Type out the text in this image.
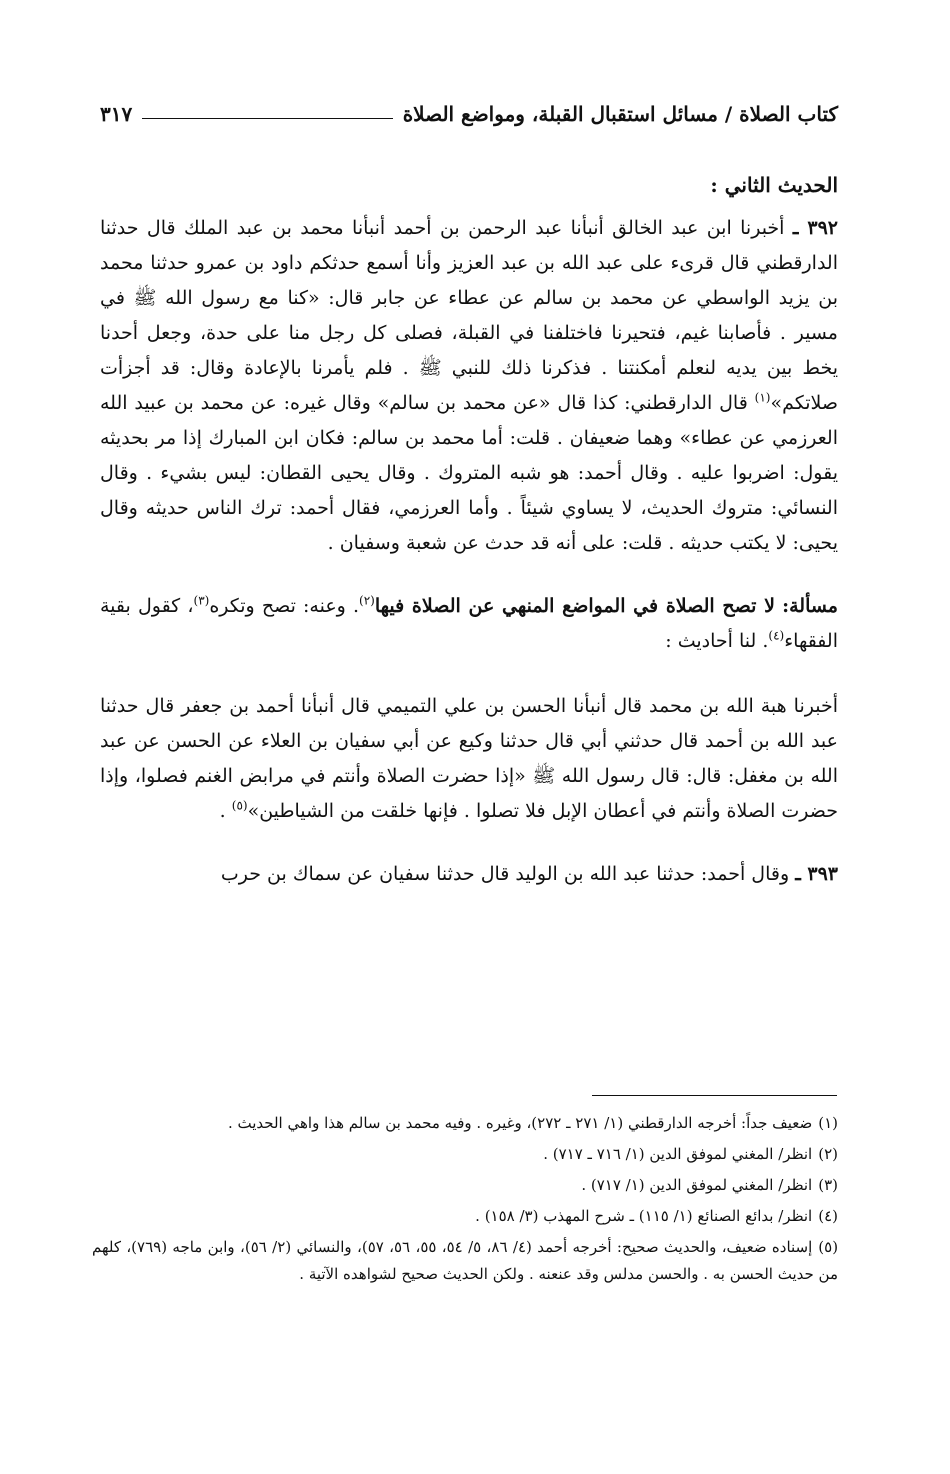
كتاب الصلاة / مسائل استقبال القبلة، ومواضع الصلاة
٣١٧

الحديث الثاني :

٣٩٢ ـ أخبرنا ابن عبد الخالق أنبأنا عبد الرحمن بن أحمد أنبأنا محمد بن عبد الملك قال حدثنا الدارقطني قال قرىء على عبد الله بن عبد العزيز وأنا أسمع حدثكم داود بن عمرو حدثنا محمد بن يزيد الواسطي عن محمد بن سالم عن عطاء عن جابر قال: «كنا مع رسول الله ﷺ في مسير . فأصابنا غيم، فتحيرنا فاختلفنا في القبلة، فصلى كل رجل منا على حدة، وجعل أحدنا يخط بين يديه لنعلم أمكنتنا . فذكرنا ذلك للنبي ﷺ . فلم يأمرنا بالإعادة وقال: قد أجزأت صلاتكم»$^{(١)}$ قال الدارقطني: كذا قال «عن محمد بن سالم» وقال غيره: عن محمد بن عبيد الله العرزمي عن عطاء» وهما ضعيفان . قلت: أما محمد بن سالم: فكان ابن المبارك إذا مر بحديثه يقول: اضربوا عليه . وقال أحمد: هو شبه المتروك . وقال يحيى القطان: ليس بشيء . وقال النسائي: متروك الحديث، لا يساوي شيئاً . وأما العرزمي، فقال أحمد: ترك الناس حديثه وقال يحيى: لا يكتب حديثه . قلت: على أنه قد حدث عن شعبة وسفيان .

مسألة: لا تصح الصلاة في المواضع المنهي عن الصلاة فيها$^{(٢)}$. وعنه: تصح وتكره$^{(٣)}$، كقول بقية الفقهاء$^{(٤)}$. لنا أحاديث :

أخبرنا هبة الله بن محمد قال أنبأنا الحسن بن علي التميمي قال أنبأنا أحمد بن جعفر قال حدثنا عبد الله بن أحمد قال حدثني أبي قال حدثنا وكيع عن أبي سفيان بن العلاء عن الحسن عن عبد الله بن مغفل: قال: قال رسول الله ﷺ «إذا حضرت الصلاة وأنتم في مرابض الغنم فصلوا، وإذا حضرت الصلاة وأنتم في أعطان الإبل فلا تصلوا . فإنها خلقت من الشياطين»$^{(٥)}$ .

٣٩٣ ـ وقال أحمد: حدثنا عبد الله بن الوليد قال حدثنا سفيان عن سماك بن حرب

(١)ضعيف جداً: أخرجه الدارقطني (١/ ٢٧١ ـ ٢٧٢)، وغيره . وفيه محمد بن سالم هذا واهي الحديث .

(٢)انظر/ المغني لموفق الدين (١/ ٧١٦ ـ ٧١٧) .

(٣)انظر/ المغني لموفق الدين (١/ ٧١٧) .

(٤)انظر/ بدائع الصنائع (١/ ١١٥) ـ شرح المهذب (٣/ ١٥٨) .

(٥)إسناده ضعيف، والحديث صحيح: أخرجه أحمد (٤/ ٨٦، ٥/ ٥٤، ٥٥، ٥٦، ٥٧)، والنسائي (٢/ ٥٦)، وابن ماجه (٧٦٩)، كلهم من حديث الحسن به . والحسن مدلس وقد عنعنه . ولكن الحديث صحيح لشواهده الآتية .
